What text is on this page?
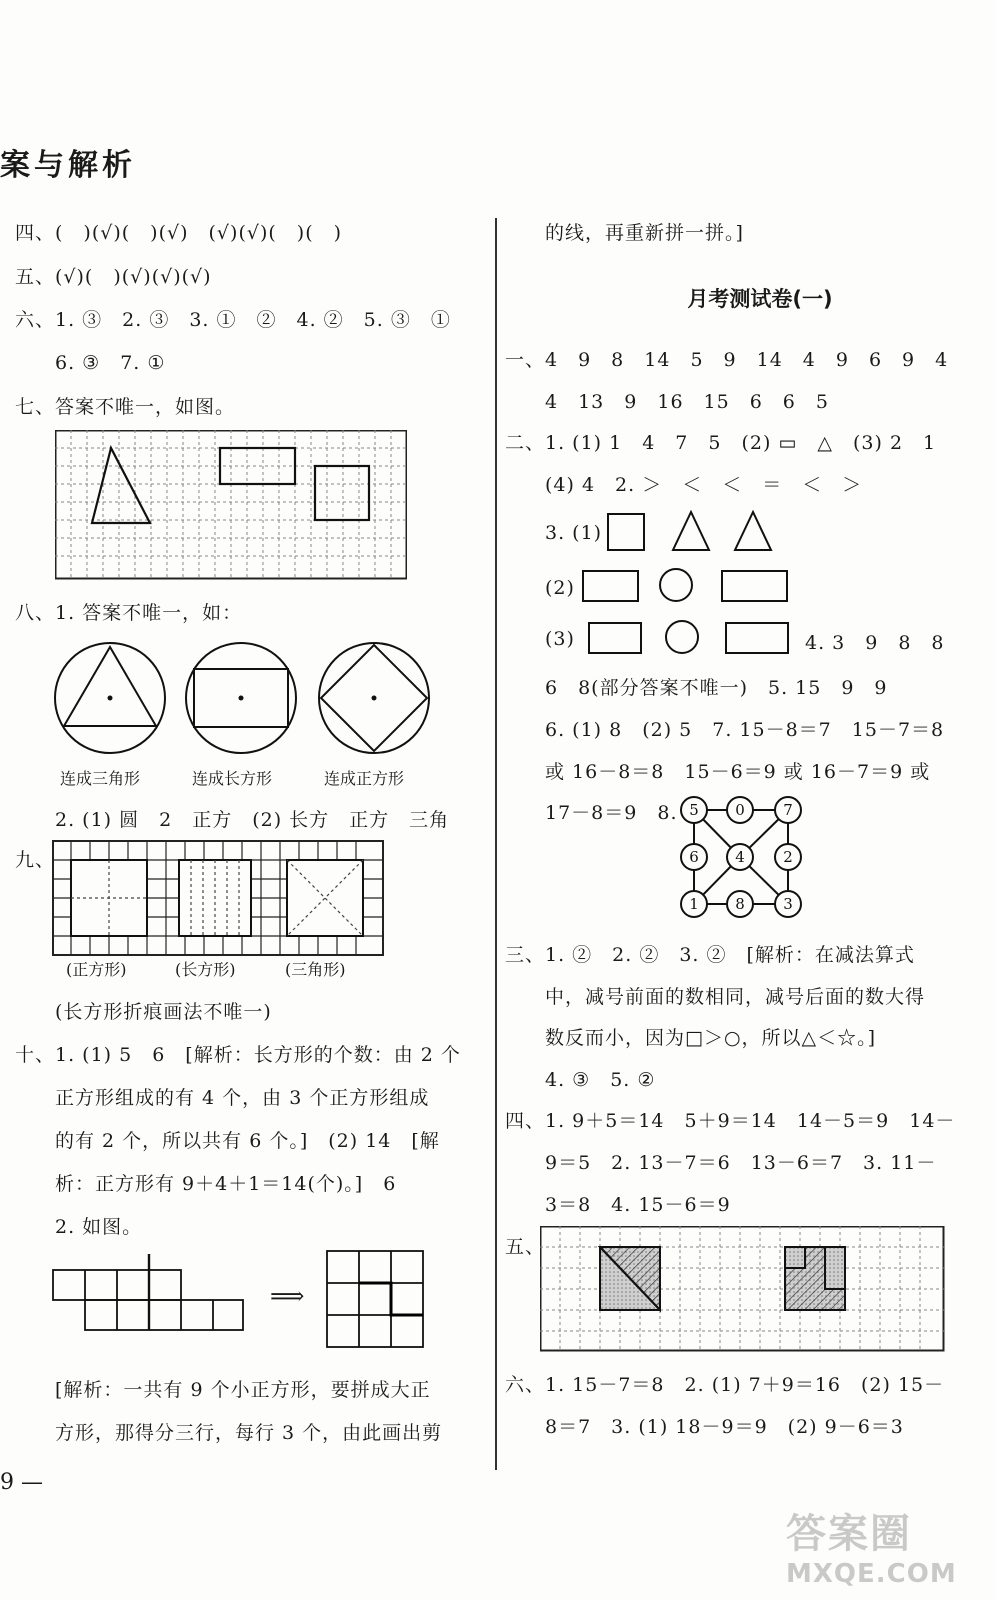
案与解析
四、(　)(√)(　)(√)　(√)(√)(　)(　)
五、(√)(　)(√)(√)(√)
六、1. ③　2. ③　3. ①　②　4. ②　5. ③　①
6. ③　7. ①
七、答案不唯一，如图。
八、1. 答案不唯一，如：
连成三角形	连成长方形	连成正方形
2. (1) 圆　2　正方　(2) 长方　正方　三角
九、
(正方形)	(长方形)	(三角形)
(长方形折痕画法不唯一)
十、1. (1) 5　6　[解析：长方形的个数：由 2 个
正方形组成的有 4 个，由 3 个正方形组成
的有 2 个，所以共有 6 个。]　(2) 14　[解
析：正方形有 9＋4＋1＝14(个)。]　6
2. 如图。
⟹
[解析：一共有 9 个小正方形，要拼成大正
方形，那得分三行，每行 3 个，由此画出剪
9 —
的线，再重新拼一拼。]
月考测试卷(一)
一、4　9　8　14　5　9　14　4　9　6　9　4
4　13　9　16　15　6　6　5
二、1. (1) 1　4　7　5　(2) ▭　△　(3) 2　1
(4) 4　2. ＞　＜　＜　＝　＜　＞
3. (1)
(2)
(3)	4. 3　9　8　8
6　8(部分答案不唯一)　5. 15　9　9
6. (1) 8　(2) 5　7. 15－8＝7　15－7＝8
或 16－8＝8　15－6＝9 或 16－7＝9 或
17－8＝9　8. 5 0	7
6 4	2
1 8	3
三、1. ②　2. ②　3. ②　[解析：在减法算式
中，减号前面的数相同，减号后面的数大得
数反而小，因为□＞○，所以△＜☆。]
4. ③　5. ②
四、1. 9＋5＝14　5＋9＝14　14－5＝9　14－
9＝5　2. 13－7＝6　13－6＝7　3. 11－
3＝8　4. 15－6＝9
五、
六、1. 15－7＝8　2. (1) 7＋9＝16　(2) 15－
8＝7　3. (1) 18－9＝9　(2) 9－6＝3
答案圈
MXQE.COM
